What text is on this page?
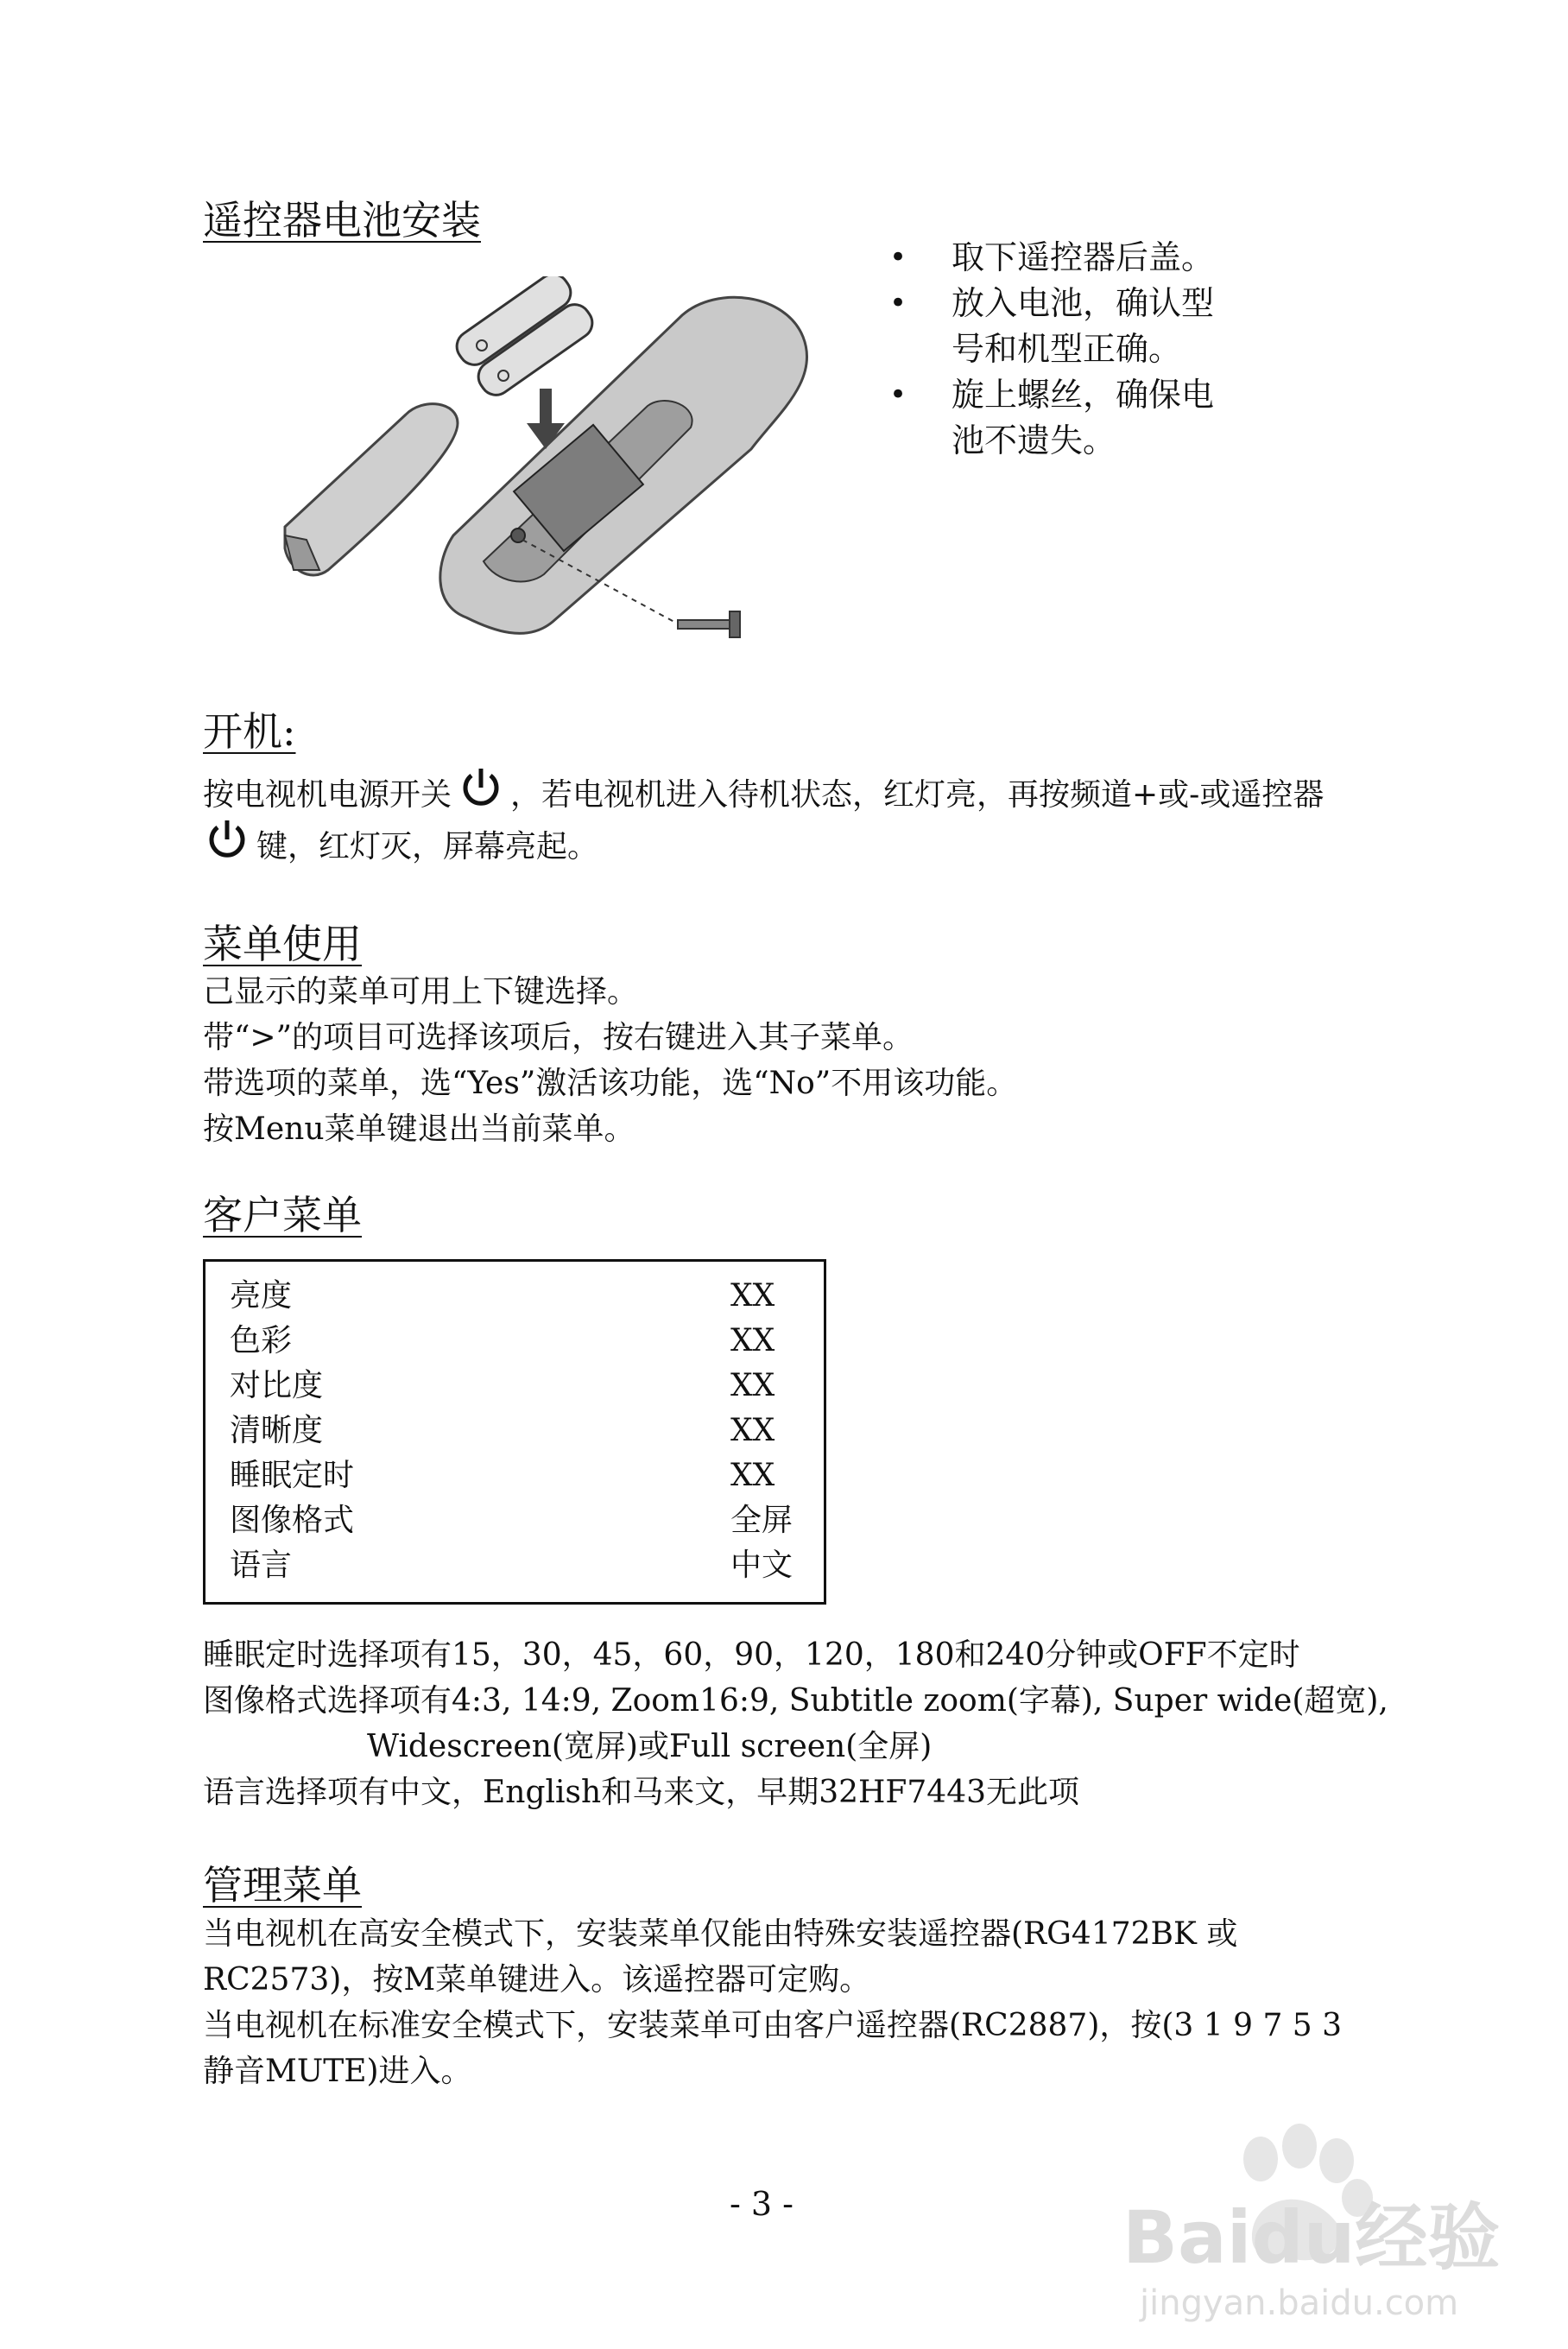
遥控器电池安装
• 取下遥控器后盖。
• 放入电池，确认型
号和机型正确。
• 旋上螺丝，确保电
池不遗失。
开机:
按电视机电源开关 ，若电视机进入待机状态，红灯亮，再按频道+或-或遥控器
键，红灯灭，屏幕亮起。
菜单使用
己显示的菜单可用上下键选择。
带“>”的项目可选择该项后，按右键进入其子菜单。
带选项的菜单，选“Yes”激活该功能，选“No”不用该功能。
按Menu菜单键退出当前菜单。
客户菜单
亮度	XX
色彩	XX
对比度	XX
清晰度	XX
睡眠定时	XX
图像格式	全屏
语言	中文
睡眠定时选择项有15，30，45，60，90，120，180和240分钟或OFF不定时
图像格式选择项有4:3, 14:9, Zoom16:9, Subtitle zoom(字幕), Super wide(超宽),
Widescreen(宽屏)或Full screen(全屏)
语言选择项有中文，English和马来文，早期32HF7443无此项
管理菜单
当电视机在高安全模式下，安装菜单仅能由特殊安装遥控器(RG4172BK 或
RC2573)，按M菜单键进入。该遥控器可定购。
当电视机在标准安全模式下，安装菜单可由客户遥控器(RC2887)，按(3 1 9 7 5 3
静音MUTE)进入。
- 3 -	Baidu经验
jingyan.baidu.com
